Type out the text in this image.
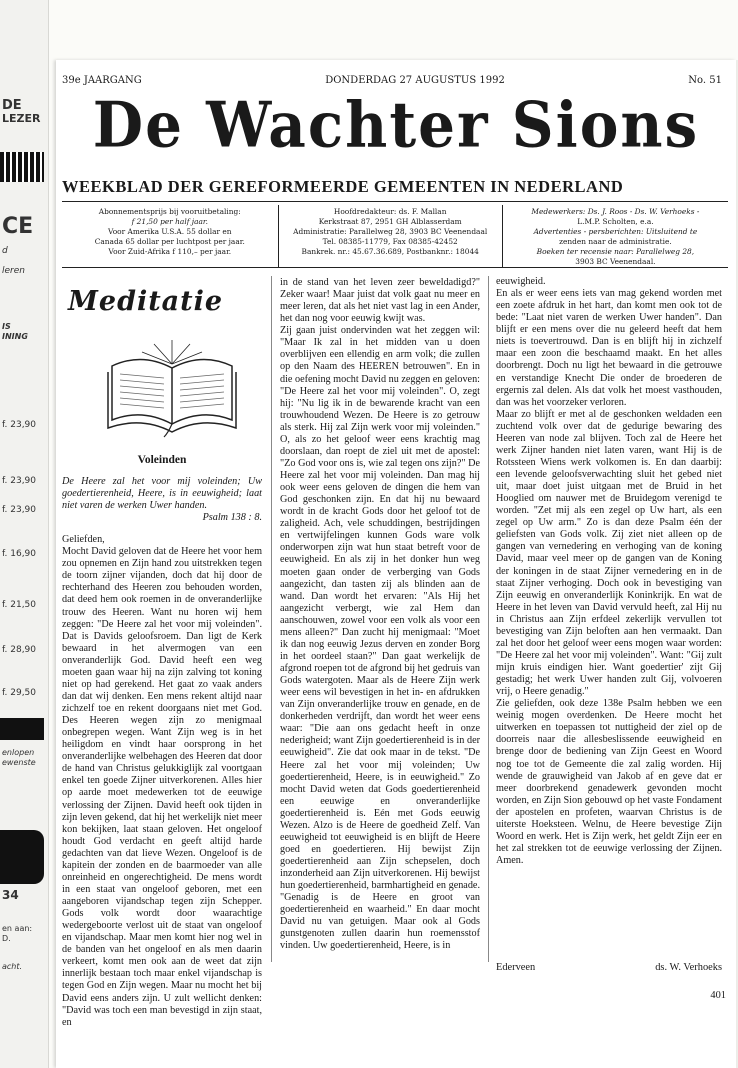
DE
LEZER
CE
d
leren
IS
INING
f. 23,90
f. 23,90
f. 23,90
f. 16,90
f. 21,50
f. 28,90
f. 29,50
enlopen
ewenste
34
en aan:
D.
acht.
39e JAARGANG	DONDERDAG 27 AUGUSTUS 1992	No. 51
De Wachter Sions
WEEKBLAD DER GEREFORMEERDE GEMEENTEN IN NEDERLAND
Abonnementsprijs bij vooruitbetaling:
f 21,50 per half jaar.
Voor Amerika U.S.A. 55 dollar en
Canada 65 dollar per luchtpost per jaar.
Voor Zuid-Afrika f 110,– per jaar.
Hoofdredakteur: ds. F. Mallan
Kerkstraat 87, 2951 GH Alblasserdam
Administratie: Parallelweg 28, 3903 BC Veenendaal
Tel. 08385-11779, Fax 08385-42452
Bankrek. nr.: 45.67.36.689, Postbanknr.: 18044
Medewerkers: Ds. J. Roos - Ds. W. Verhoeks -
L.M.P. Scholten, e.a.
Advertenties - persberichten: Uitsluitend te
zenden naar de administratie.
Boeken ter recensie naar: Parallelweg 28,
3903 BC Veenendaal.
Meditatie
Voleinden

De Heere zal het voor mij voleinden; Uw goedertierenheid, Heere, is in eeuwigheid; laat niet varen de werken Uwer handen.

Psalm 138 : 8.

Geliefden,

Mocht David geloven dat de Heere het voor hem zou opnemen en Zijn hand zou uitstrekken tegen de toorn zijner vijanden, doch dat hij door de rechterhand des Heeren zou behouden worden, dat deed hem ook roemen in de onveranderlijke trouw des Heeren. Want nu horen wij hem zeggen: "De Heere zal het voor mij voleinden". Dat is Davids geloofsroem. Dan ligt de Kerk bewaard in het alvermogen van een onveranderlijk God. David heeft een weg moeten gaan waar hij na zijn zalving tot koning niet op had gerekend. Het gaat zo vaak anders dan dat wij denken. Een mens rekent altijd naar zichzelf toe en rekent doorgaans niet met God. Des Heeren wegen zijn zo menigmaal onbegrepen wegen. Want Zijn weg is in het heiligdom en vindt haar oorsprong in het onveranderlijke welbehagen des Heeren dat door de hand van Christus gelukkiglijk zal voortgaan enkel ten goede Zijner uitverkorenen. Alles hier op aarde moet medewerken tot de eeuwige verlossing der Zijnen. David heeft ook tijden in zijn leven gekend, dat hij het werkelijk niet meer kon bekijken, laat staan geloven. Het ongeloof houdt God verdacht en geeft altijd harde gedachten van dat lieve Wezen. Ongeloof is de kapitein der zonden en de baarmoeder van alle onreinheid en ongerechtigheid. De mens wordt in een staat van ongeloof geboren, met een aangeboren vijandschap tegen zijn Schepper. Gods volk wordt door waarachtige wedergeboorte verlost uit de staat van ongeloof en vijandschap. Maar men komt hier nog wel in de banden van het ongeloof en als men daarin verkeert, komt men ook aan de weet dat zijn innerlijk bestaan toch maar enkel vijandschap is tegen God en Zijn wegen. Maar nu mocht het bij David eens anders zijn. U zult wellicht denken: "David was toch een man bevestigd in zijn staat, en

in de stand van het leven zeer beweldadigd?" Zeker waar! Maar juist dat volk gaat nu meer en meer leren, dat als het niet vast lag in een Ander, het dan nog voor eeuwig kwijt was.

Zij gaan juist ondervinden wat het zeggen wil: "Maar Ik zal in het midden van u doen overblijven een ellendig en arm volk; die zullen op den Naam des HEEREN betrouwen". En in die oefening mocht David nu zeggen en geloven: "De Heere zal het voor mij voleinden". O, zegt hij: "Nu lig ik in de bewarende kracht van een trouwhoudend Wezen. De Heere is zo getrouw als sterk. Hij zal Zijn werk voor mij voleinden." O, als zo het geloof weer eens krachtig mag doorslaan, dan roept de ziel uit met de apostel: "Zo God voor ons is, wie zal tegen ons zijn?" De Heere zal het voor mij voleinden. Dan mag hij ook weer eens geloven de dingen die hem van God geschonken zijn. En dat hij nu bewaard wordt in de kracht Gods door het geloof tot de zaligheid. Ach, vele schuddingen, bestrijdingen en vertwijfelingen kunnen Gods ware volk onderworpen zijn wat hun staat betreft voor de eeuwigheid. En als zij in het donker hun weg moeten gaan onder de verberging van Gods aangezicht, dan tasten zij als blinden aan de wand. Dan wordt het ervaren: "Als Hij het aangezicht verbergt, wie zal Hem dan aanschouwen, zowel voor een volk als voor een mens alleen?" Dan zucht hij menigmaal: "Moet ik dan nog eeuwig Jezus derven en zonder Borg in het oordeel staan?" Dan gaat werkelijk de afgrond roepen tot de afgrond bij het gedruis van Gods watergoten. Maar als de Heere Zijn werk weer eens wil bevestigen in het in- en afdrukken van Zijn onveranderlijke trouw en genade, en de donkerheden verdrijft, dan wordt het weer eens waar: "Die aan ons gedacht heeft in onze nederigheid; want Zijn goedertierenheid is in der eeuwigheid". Zie dat ook maar in de tekst. "De Heere zal het voor mij voleinden; Uw goedertierenheid, Heere, is in eeuwigheid." Zo mocht David weten dat Gods goedertierenheid een eeuwige en onveranderlijke goedertierenheid is. Eén met Gods eeuwig Wezen. Alzo is de Heere de goedheid Zelf. Van eeuwigheid tot eeuwigheid is en blijft de Heere goed en goedertieren. Hij bewijst Zijn goedertierenheid aan Zijn schepselen, doch inzonderheid aan Zijn uitverkorenen. Hij bewijst hun goedertierenheid, barmhartigheid en genade. "Genadig is de Heere en groot van goedertierenheid en waarheid." En daar mocht David nu van getuigen. Maar ook al Gods gunstgenoten zullen daarin hun roemensstof vinden. Uw goedertierenheid, Heere, is in

eeuwigheid.

En als er weer eens iets van mag gekend worden met een zoete afdruk in het hart, dan komt men ook tot de bede: "Laat niet varen de werken Uwer handen". Dan blijft er een mens over die nu geleerd heeft dat hem niets is toevertrouwd. Dan is en blijft hij in zichzelf maar een zoon die beschaamd maakt. En het alles doorbrengt. Doch nu ligt het bewaard in die getrouwe en verstandige Knecht Die onder de broederen de ergernis zal delen. Als dat volk het moest vasthouden, dan was het voorzeker verloren.

Maar zo blijft er met al de geschonken weldaden een zuchtend volk over dat de gedurige bewaring des Heeren van node zal blijven. Toch zal de Heere het werk Zijner handen niet laten varen, want Hij is de Rotssteen Wiens werk volkomen is. En dan daarbij: een levende geloofsverwachting sluit het gebed niet uit, maar doet juist uitgaan met de Bruid in het Hooglied om nauwer met de Bruidegom verenigd te worden. "Zet mij als een zegel op Uw hart, als een zegel op Uw arm." Zo is dan deze Psalm één der geliefsten van Gods volk. Zij ziet niet alleen op de gangen van vernedering en verhoging van de koning David, maar veel meer op de gangen van de Koning der koningen in de staat Zijner vernedering en in de staat Zijner verhoging. Doch ook in bevestiging van Zijn eeuwig en onveranderlijk Koninkrijk. En wat de Heere in het leven van David vervuld heeft, zal Hij nu in Christus aan Zijn erfdeel zekerlijk vervullen tot bevestiging van Zijn beloften aan hen vermaakt. Dan zal het door het geloof weer eens mogen waar worden: "De Heere zal het voor mij voleinden". Want: "Gij zult mijn kruis eindigen hier. Want goedertier' zijt Gij gestadig; het werk Uwer handen zult Gij, volvoeren vrij, o Heere genadig."

Zie geliefden, ook deze 138e Psalm hebben we een weinig mogen overdenken. De Heere mocht het uitwerken en toepassen tot nuttigheid der ziel op de doorreis naar die allesbeslissende eeuwigheid en brenge door de bediening van Zijn Geest en Woord nog toe tot de Gemeente die zal zalig worden. Hij wende de grauwigheid van Jakob af en geve dat er meer doorbrekend genadewerk gevonden mocht worden, en Zijn Sion gebouwd op het vaste Fondament der apostelen en profeten, waarvan Christus is de uiterste Hoeksteen. Welnu, de Heere bevestige Zijn Woord en werk. Het is Zijn werk, het geldt Zijn eer en het zal strekken tot de eeuwige verlossing der Zijnen. Amen.

Ederveen	ds. W. Verhoeks
401
